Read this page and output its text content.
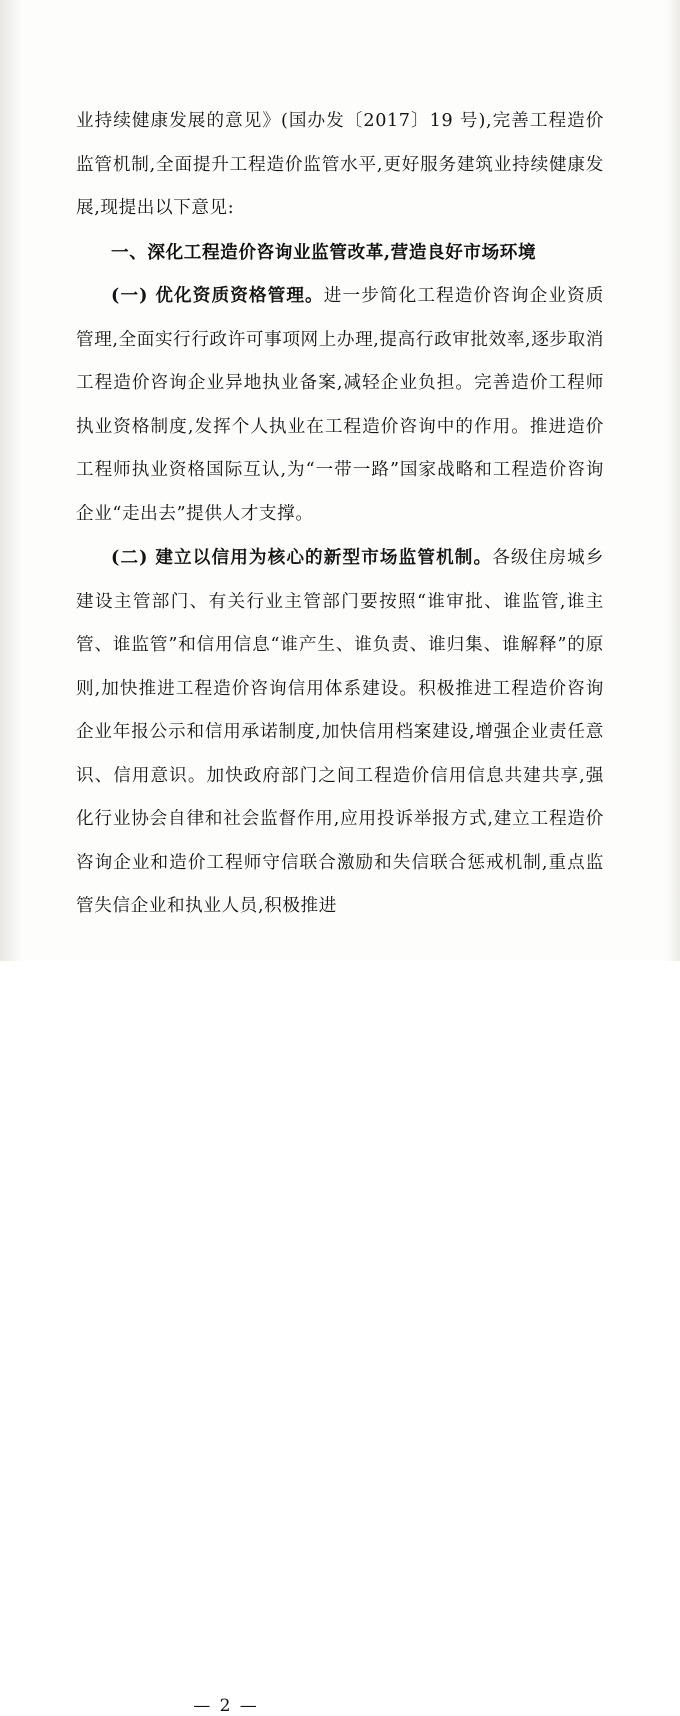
业持续健康发展的意见》(国办发〔2017〕19 号),完善工程造价监管机制,全面提升工程造价监管水平,更好服务建筑业持续健康发展,现提出以下意见:

一、深化工程造价咨询业监管改革,营造良好市场环境

(一) 优化资质资格管理。进一步简化工程造价咨询企业资质管理,全面实行行政许可事项网上办理,提高行政审批效率,逐步取消工程造价咨询企业异地执业备案,减轻企业负担。完善造价工程师执业资格制度,发挥个人执业在工程造价咨询中的作用。推进造价工程师执业资格国际互认,为“一带一路”国家战略和工程造价咨询企业“走出去”提供人才支撑。

(二) 建立以信用为核心的新型市场监管机制。各级住房城乡建设主管部门、有关行业主管部门要按照“谁审批、谁监管,谁主管、谁监管”和信用信息“谁产生、谁负责、谁归集、谁解释”的原则,加快推进工程造价咨询信用体系建设。积极推进工程造价咨询企业年报公示和信用承诺制度,加快信用档案建设,增强企业责任意识、信用意识。加快政府部门之间工程造价信用信息共建共享,强化行业协会自律和社会监督作用,应用投诉举报方式,建立工程造价咨询企业和造价工程师守信联合激励和失信联合惩戒机制,重点监管失信企业和执业人员,积极推进

— 2 —
